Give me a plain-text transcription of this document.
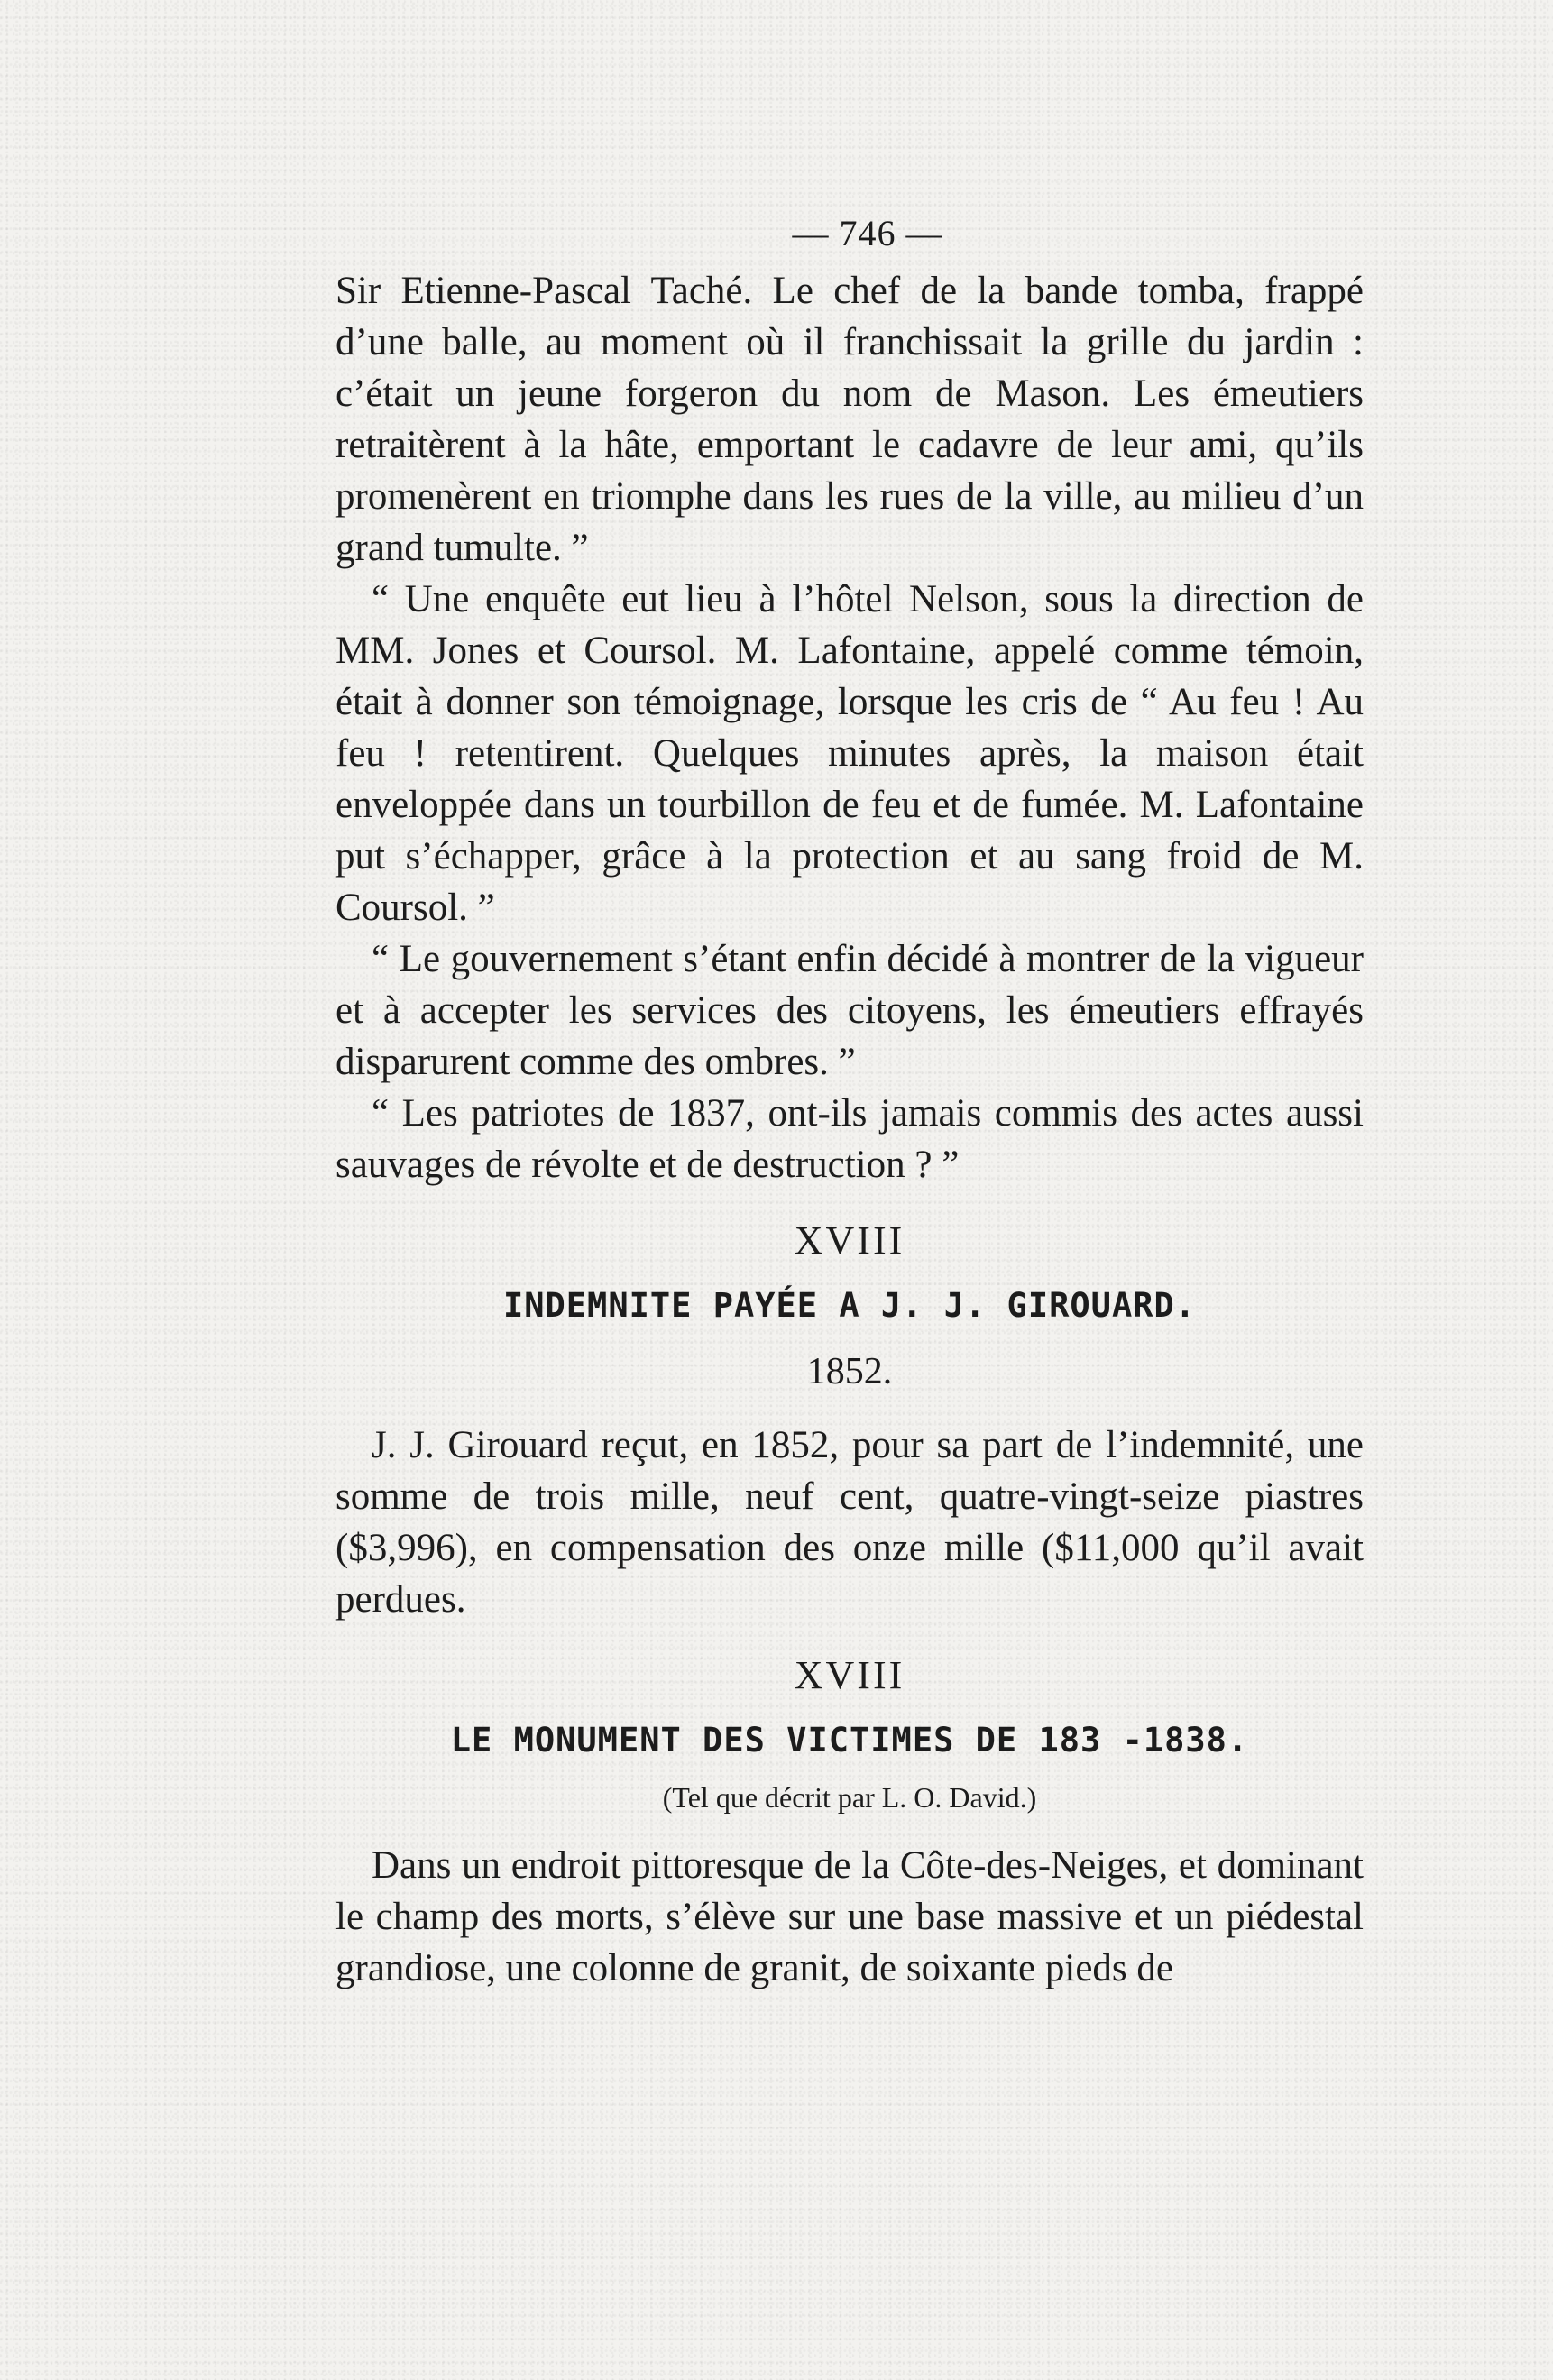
— 746 —

Sir Etienne-Pascal Taché. Le chef de la bande tomba, frappé d’une balle, au moment où il franchissait la grille du jardin : c’était un jeune forgeron du nom de Mason. Les émeutiers retraitèrent à la hâte, emportant le cadavre de leur ami, qu’ils promenèrent en triomphe dans les rues de la ville, au milieu d’un grand tumulte. ”

“ Une enquête eut lieu à l’hôtel Nelson, sous la direction de MM. Jones et Coursol. M. Lafontaine, appelé comme témoin, était à donner son témoignage, lorsque les cris de “ Au feu ! Au feu ! retentirent. Quelques minutes après, la maison était enveloppée dans un tourbillon de feu et de fumée. M. Lafontaine put s’échapper, grâce à la protection et au sang froid de M. Coursol. ”

“ Le gouvernement s’étant enfin décidé à montrer de la vigueur et à accepter les services des citoyens, les émeutiers effrayés disparurent comme des ombres. ”

“ Les patriotes de 1837, ont-ils jamais commis des actes aussi sauvages de révolte et de destruction ? ”

XVIII
INDEMNITE PAYÉE A J. J. GIROUARD.
1852.

J. J. Girouard reçut, en 1852, pour sa part de l’indemnité, une somme de trois mille, neuf cent, quatre-vingt-seize piastres ($3,996), en compensation des onze mille ($11,000 qu’il avait perdues.

XVIII
LE MONUMENT DES VICTIMES DE 183 -1838.
(Tel que décrit par L. O. David.)

Dans un endroit pittoresque de la Côte-des-Neiges, et dominant le champ des morts, s’élève sur une base massive et un piédestal grandiose, une colonne de granit, de soixante pieds de
